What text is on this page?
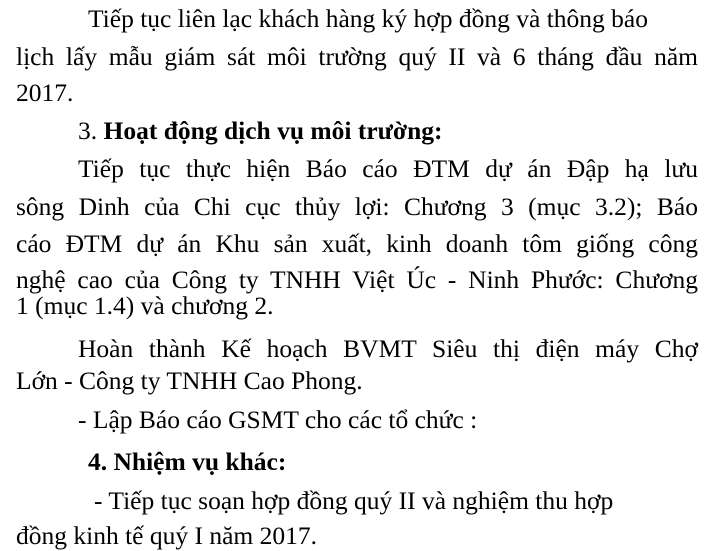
Tiếp tục liên lạc khách hàng ký hợp đồng và thông báo
lịch lấy mẫu giám sát môi trường quý II và 6 tháng đầu năm
2017.
3. Hoạt động dịch vụ môi trường:
Tiếp tục thực hiện Báo cáo ĐTM dự án Đập hạ lưu
sông Dinh của Chi cục thủy lợi: Chương 3 (mục 3.2); Báo
cáo ĐTM dự án Khu sản xuất, kinh doanh tôm giống công
nghệ cao của Công ty TNHH Việt Úc - Ninh Phước: Chương
1 (mục 1.4) và chương 2.
Hoàn thành Kế hoạch BVMT Siêu thị điện máy Chợ
Lớn - Công ty TNHH Cao Phong.
- Lập Báo cáo GSMT cho các tổ chức :
4. Nhiệm vụ khác:
- Tiếp tục soạn hợp đồng quý II và nghiệm thu hợp
đồng kinh tế quý I năm 2017.
